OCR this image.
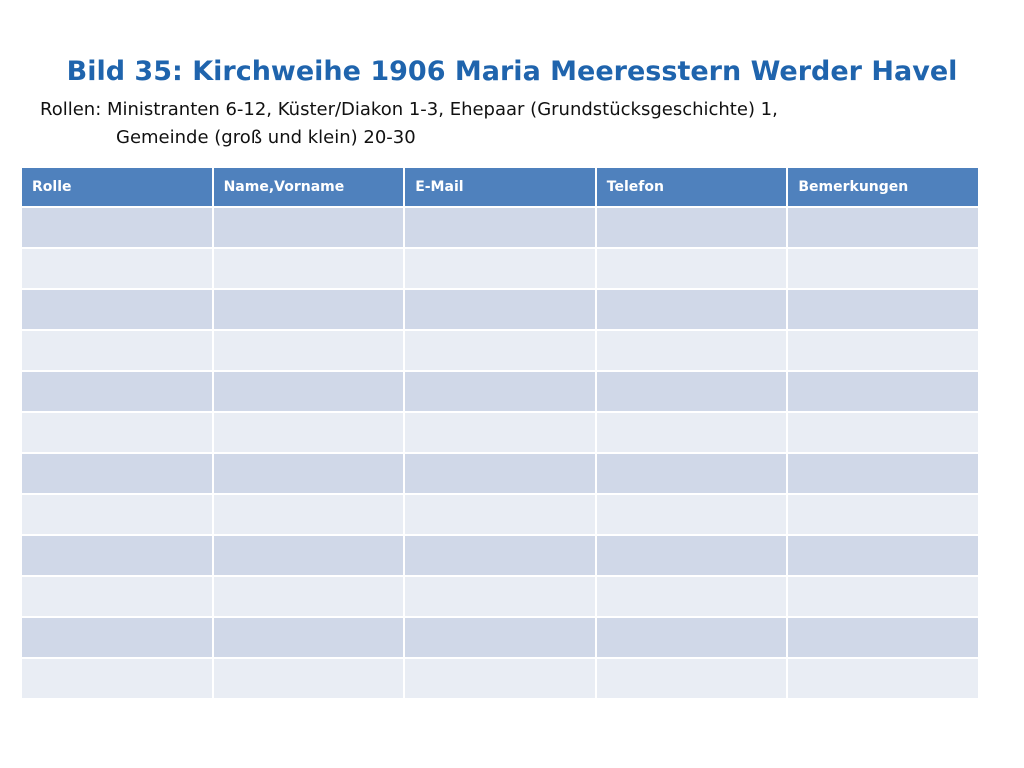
Bild 35: Kirchweihe 1906 Maria Meeresstern Werder Havel
Rollen: Ministranten 6-12, Küster/Diakon 1-3, Ehepaar (Grundstücksgeschichte) 1,
Gemeinde (groß und klein) 20-30
Rolle	Name,Vorname	E-Mail	Telefon	Bemerkungen
